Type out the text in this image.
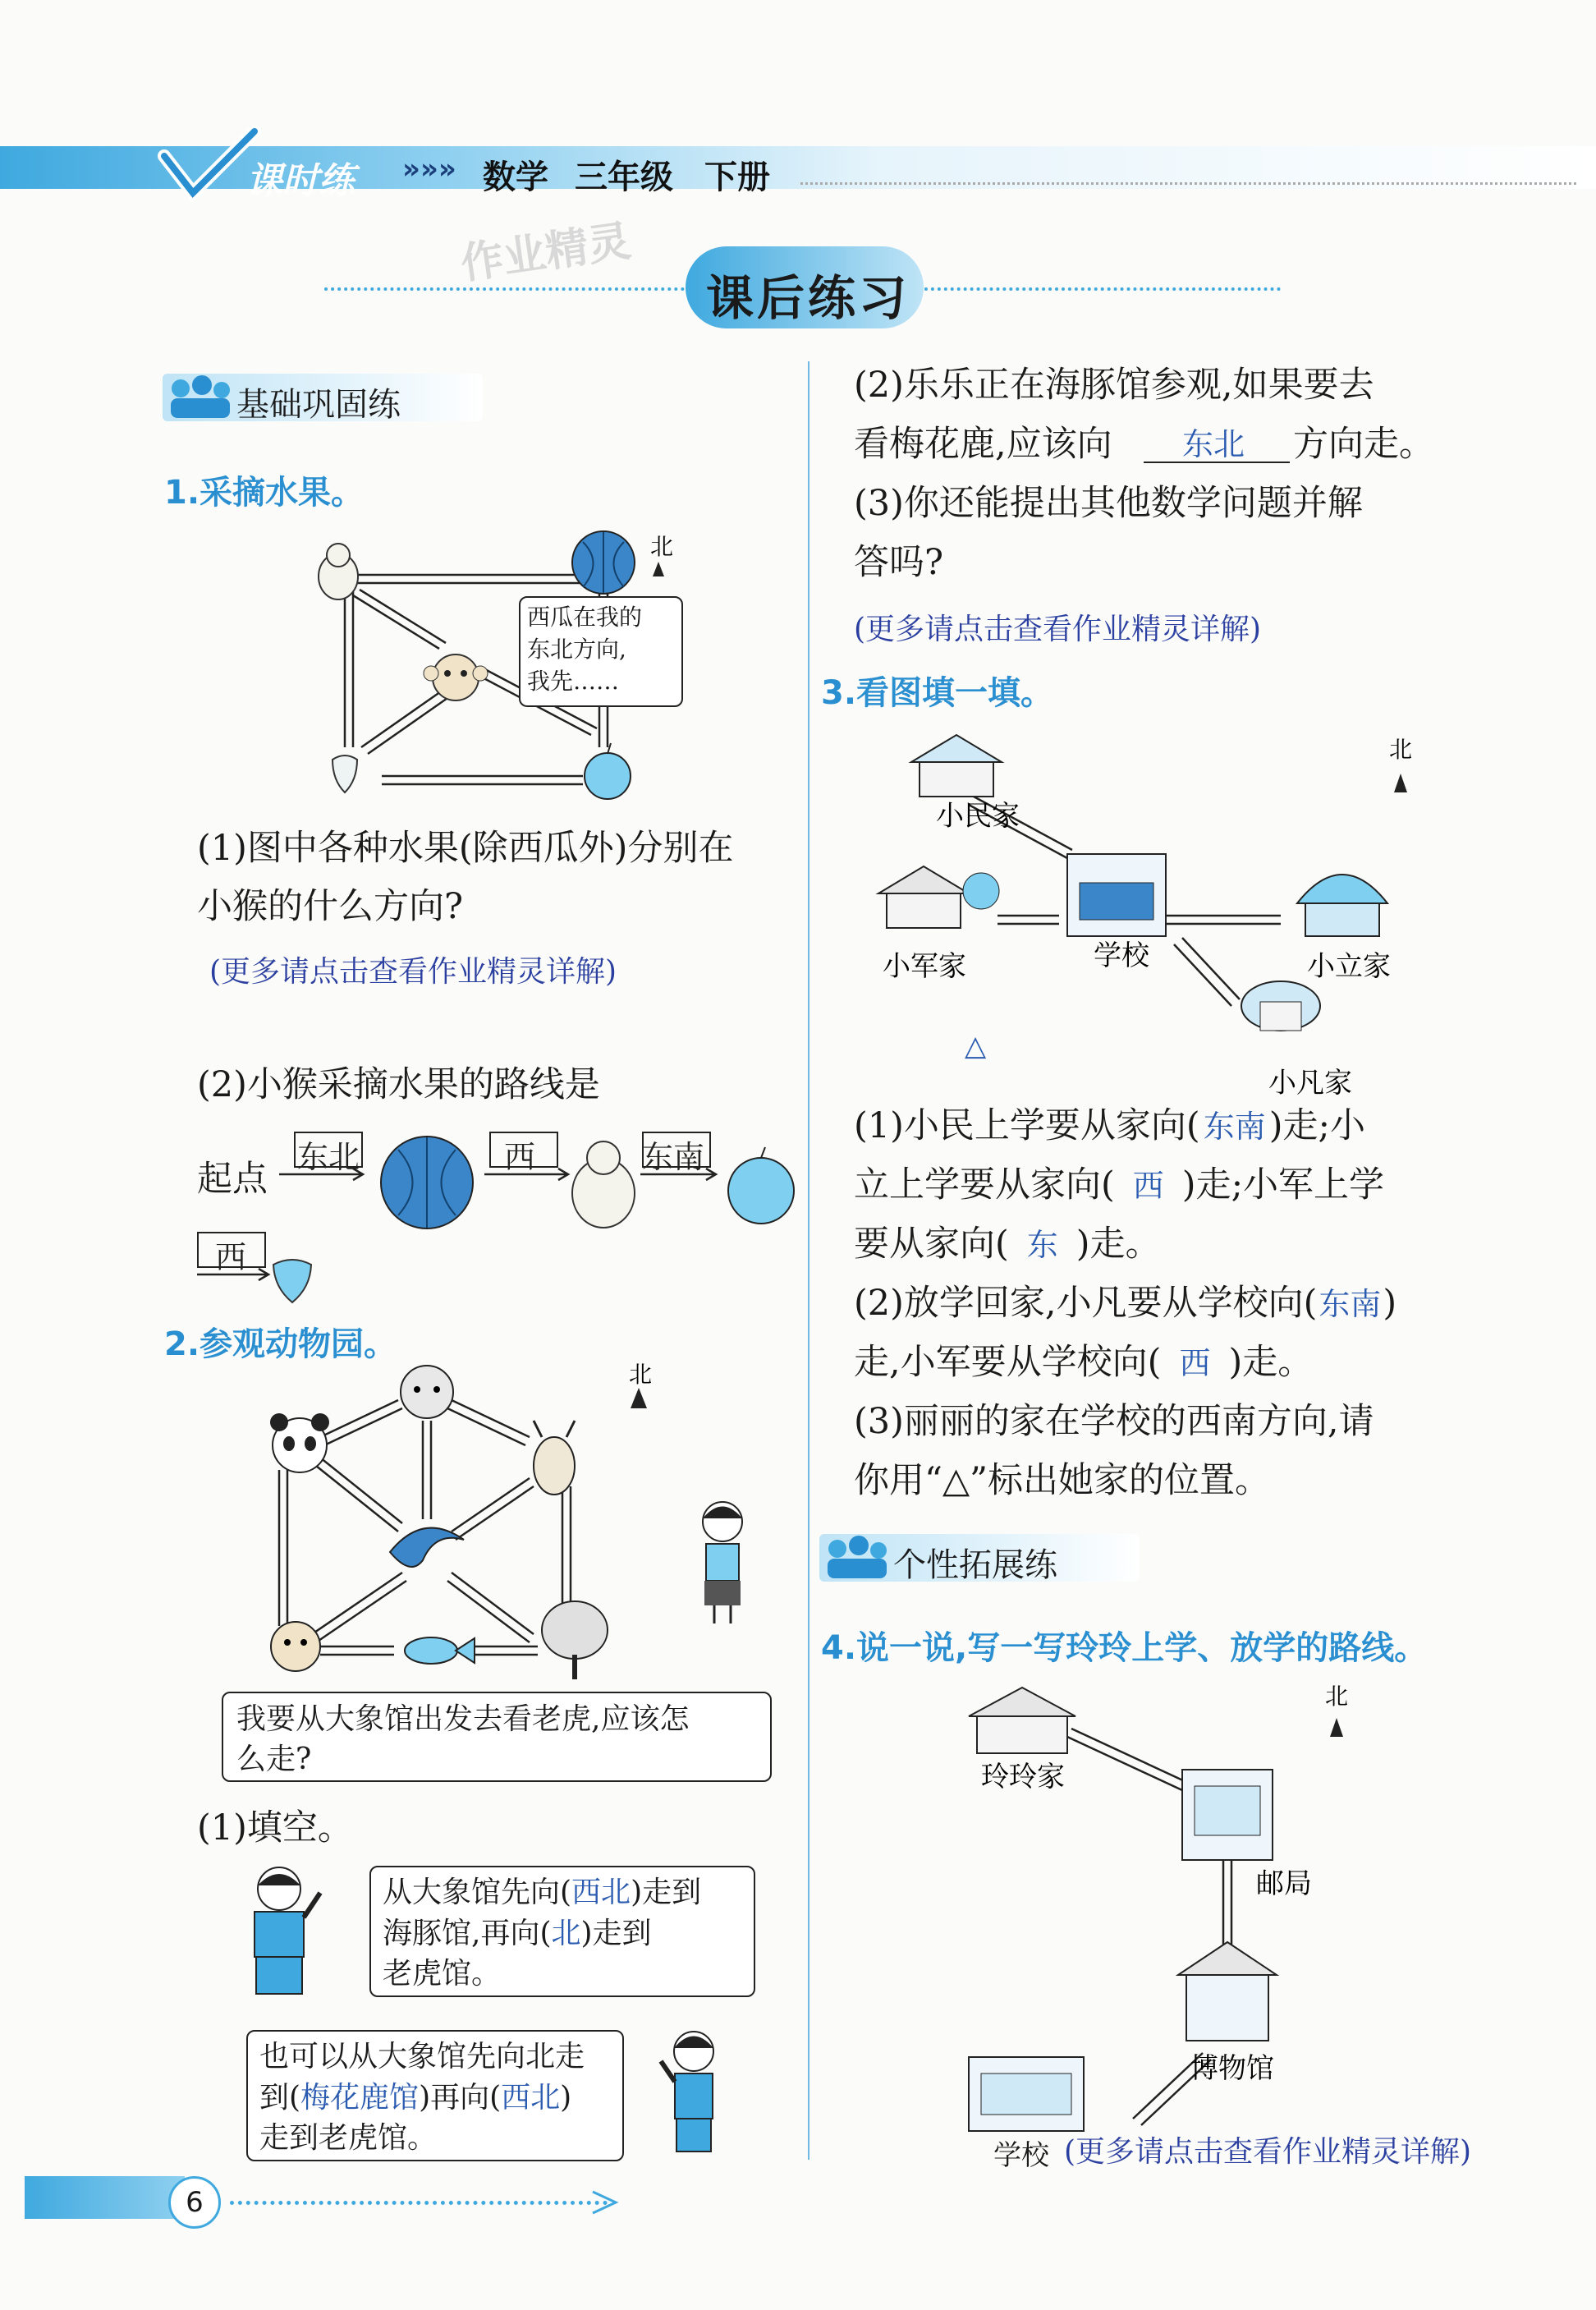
课时练 »»» 数学 三年级 下册
作业精灵
课后练习
基础巩固练
1.采摘水果。
北
西瓜在我的
东北方向,
我先……
(1)图中各种水果(除西瓜外)分别在
小猴的什么方向?
(更多请点击查看作业精灵详解)
(2)小猴采摘水果的路线是
起点
东北	西	东南
西
2.参观动物园。
北
我要从大象馆出发去看老虎,应该怎
么走?
(1)填空。
从大象馆先向(西北)走到
海豚馆,再向(北)走到
老虎馆。
也可以从大象馆先向北走
到(梅花鹿馆)再向(西北)
走到老虎馆。
(2)乐乐正在海豚馆参观,如果要去
看梅花鹿,应该向 东北 方向走。
(3)你还能提出其他数学问题并解
答吗?
(更多请点击查看作业精灵详解)
3.看图填一填。
小民家
小军家	学校	小立家
小凡家
△
北
(1)小民上学要从家向( 东南)走;小
立上学要从家向( 西 )走;小军上学
要从家向( 东 )走。
(2)放学回家,小凡要从学校向(东南)
走,小军要从学校向( 西 )走。
(3)丽丽的家在学校的西南方向,请
你用“△”标出她家的位置。
个性拓展练
4.说一说,写一写玲玲上学、放学的路线。
玲玲家
邮局
博物馆
北
学校 (更多请点击查看作业精灵详解)
6
